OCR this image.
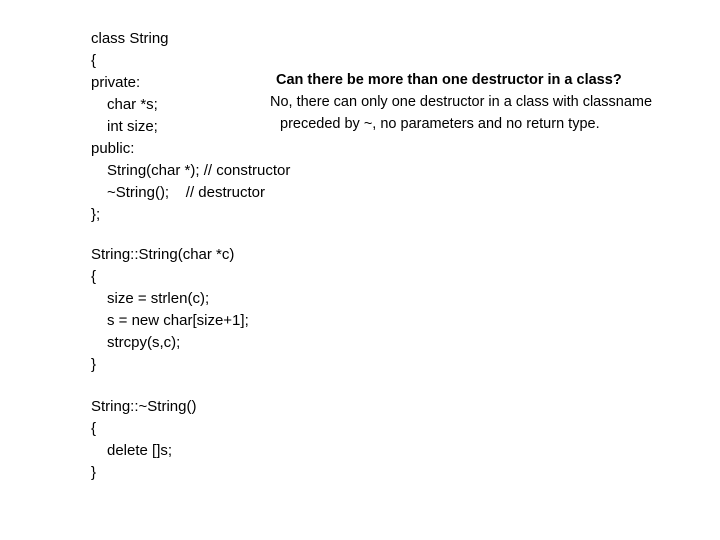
class String
{
private:
char *s;
int size;
public:
String(char *); // constructor
~String();    // destructor
};
String::String(char *c)
{
size = strlen(c);
s = new char[size+1];
strcpy(s,c);
}
String::~String()
{
delete []s;
}
Can there be more than one destructor in a class?
No, there can only one destructor in a class with classname
preceded by ~, no parameters and no return type.
